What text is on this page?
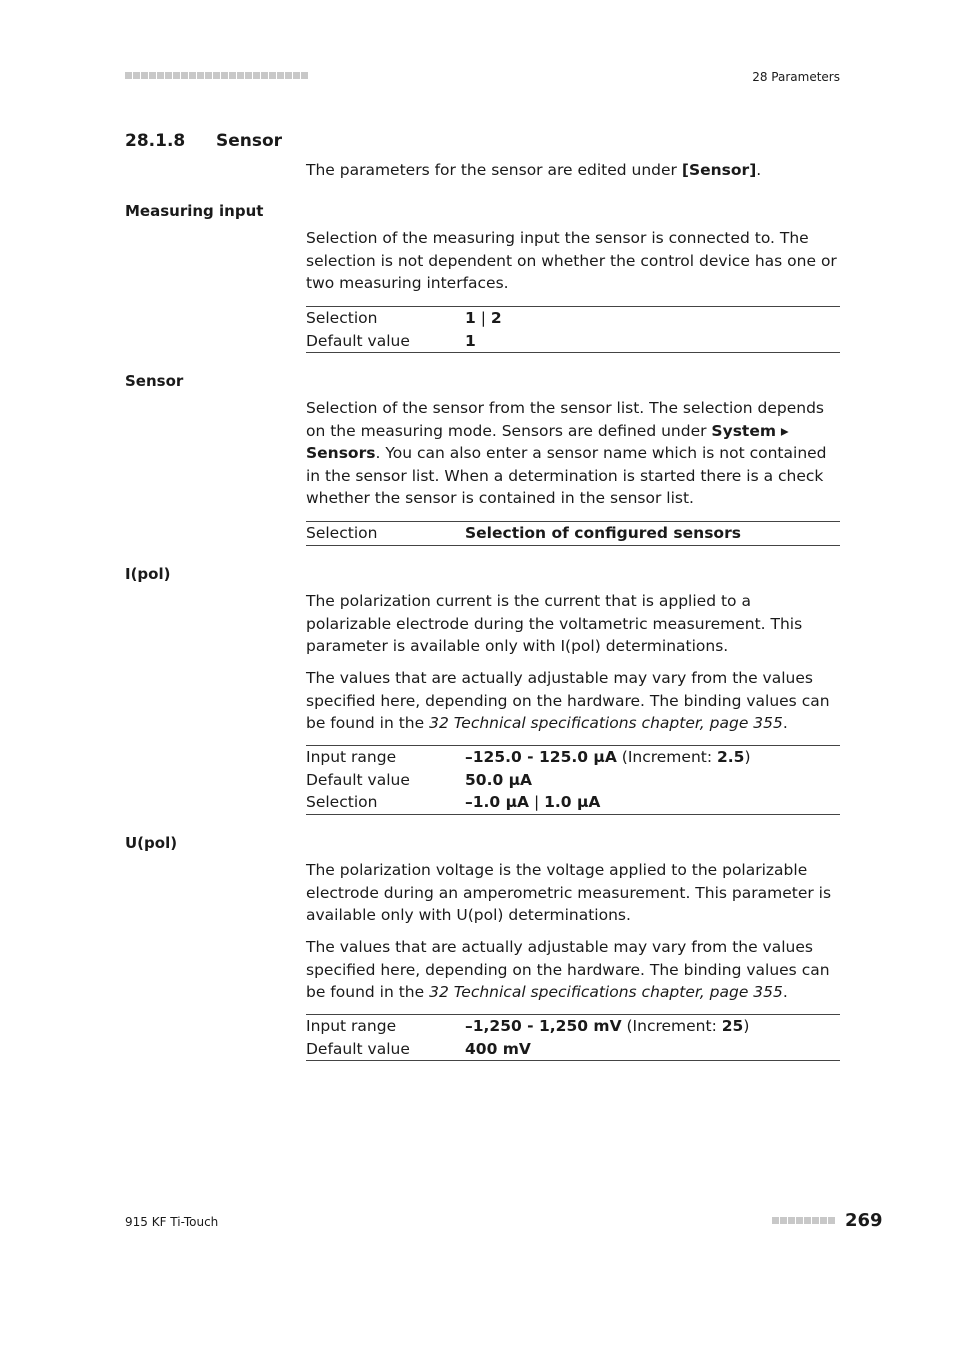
28 Parameters
28.1.8 Sensor
The parameters for the sensor are edited under [Sensor].
Measuring input
Selection of the measuring input the sensor is connected to. The selection is not dependent on whether the control device has one or two measuring interfaces.
Selection	1 | 2
Default value	1
Sensor
Selection of the sensor from the sensor list. The selection depends on the measuring mode. Sensors are defined under System ▸ Sensors. You can also enter a sensor name which is not contained in the sensor list. When a determination is started there is a check whether the sensor is contained in the sensor list.
Selection	Selection of configured sensors
I(pol)
The polarization current is the current that is applied to a polarizable electrode during the voltametric measurement. This parameter is available only with I(pol) determinations.
The values that are actually adjustable may vary from the values specified here, depending on the hardware. The binding values can be found in the 32 Technical specifications chapter, page 355.
Input range	–125.0 - 125.0 µA (Increment: 2.5)
Default value	50.0 µA
Selection	–1.0 µA | 1.0 µA
U(pol)
The polarization voltage is the voltage applied to the polarizable electrode during an amperometric measurement. This parameter is available only with U(pol) determinations.
The values that are actually adjustable may vary from the values specified here, depending on the hardware. The binding values can be found in the 32 Technical specifications chapter, page 355.
Input range	–1,250 - 1,250 mV (Increment: 25)
Default value	400 mV
915 KF Ti-Touch	269
